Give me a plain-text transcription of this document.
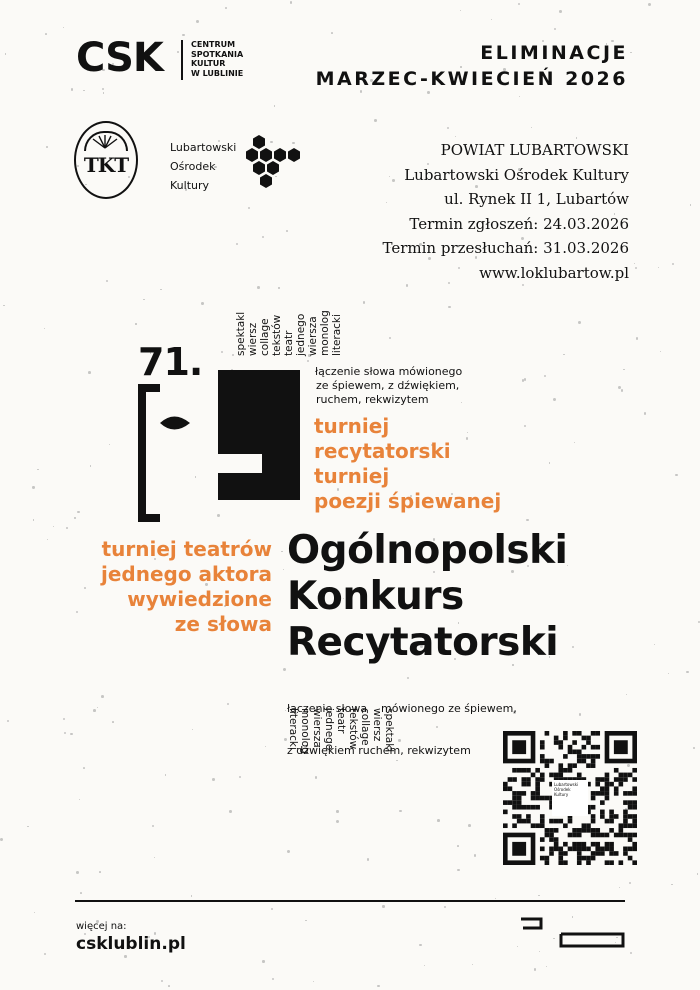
CSK	CENTRUM
SPOTKANIA
KULTUR
W LUBLINIE
ELIMINACJE
MARZEC-KWIECIEŃ 2026
TKT
Lubartowski
Ośrodek
Kultury
POWIAT LUBARTOWSKI
Lubartowski Ośrodek Kultury
ul. Rynek II 1, Lubartów
Termin zgłoszeń: 24.03.2026
Termin przesłuchań: 31.03.2026
www.loklubartow.pl
spektakl wiersz collage tekstów teatr jednego wiersza monolog literacki
71.	łączenie słowa mówionego
ze śpiewem, z dźwiękiem,
ruchem, rekwizytem
turniej
recytatorski
turniej
poezji śpiewanej
turniej teatrów
jednego aktora
wywiedzione
ze słowa
Ogólnopolski
Konkurs
Recytatorski

łączenie słowa    mówionego ze śpiewem,

z dźwiękiem ruchem, rekwizytem

literacki monolog wiersza jednego teatr tekstów collage wiersz spektakl
Lubartowski
Ośrodek
Kultury
więcej na:
csklublin.pl
